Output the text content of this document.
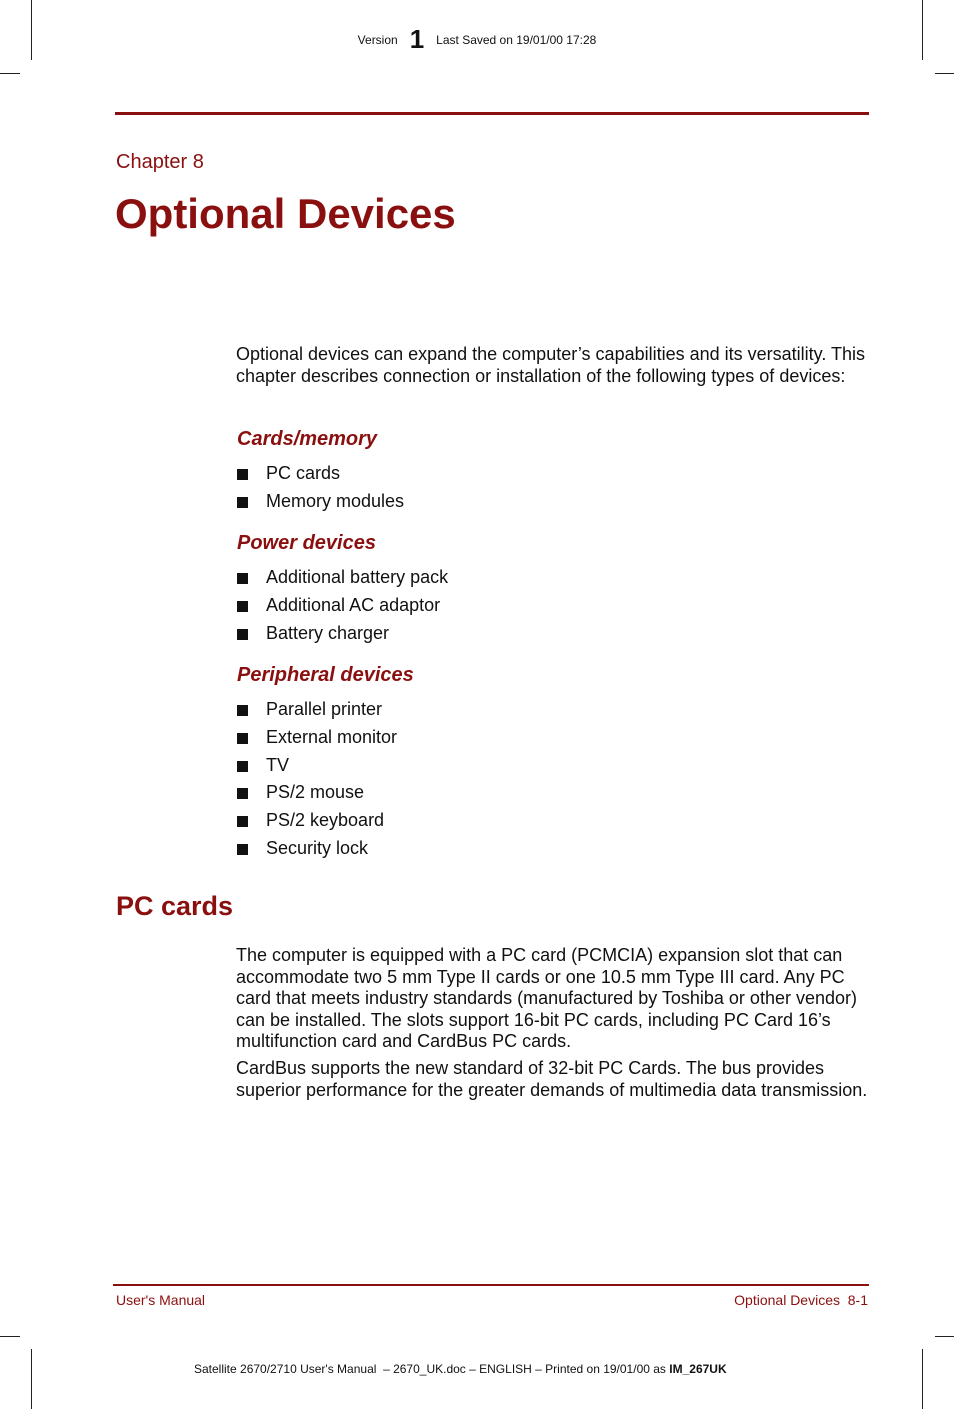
Version 1 Last Saved on 19/01/00 17:28
Chapter 8
Optional Devices
Optional devices can expand the computer’s capabilities and its versatility. This chapter describes connection or installation of the following types of devices:
Cards/memory
PC cards
Memory modules
Power devices
Additional battery pack
Additional AC adaptor
Battery charger
Peripheral devices
Parallel printer
External monitor
TV
PS/2 mouse
PS/2 keyboard
Security lock
PC cards
The computer is equipped with a PC card (PCMCIA) expansion slot that can accommodate two 5 mm Type II cards or one 10.5 mm Type III card. Any PC card that meets industry standards (manufactured by Toshiba or other vendor) can be installed. The slots support 16-bit PC cards, including PC Card 16’s multifunction card and CardBus PC cards.
CardBus supports the new standard of 32-bit PC Cards. The bus provides superior performance for the greater demands of multimedia data transmission.
User's Manual	Optional Devices  8-1
Satellite 2670/2710 User's Manual  – 2670_UK.doc – ENGLISH – Printed on 19/01/00 as IM_267UK
